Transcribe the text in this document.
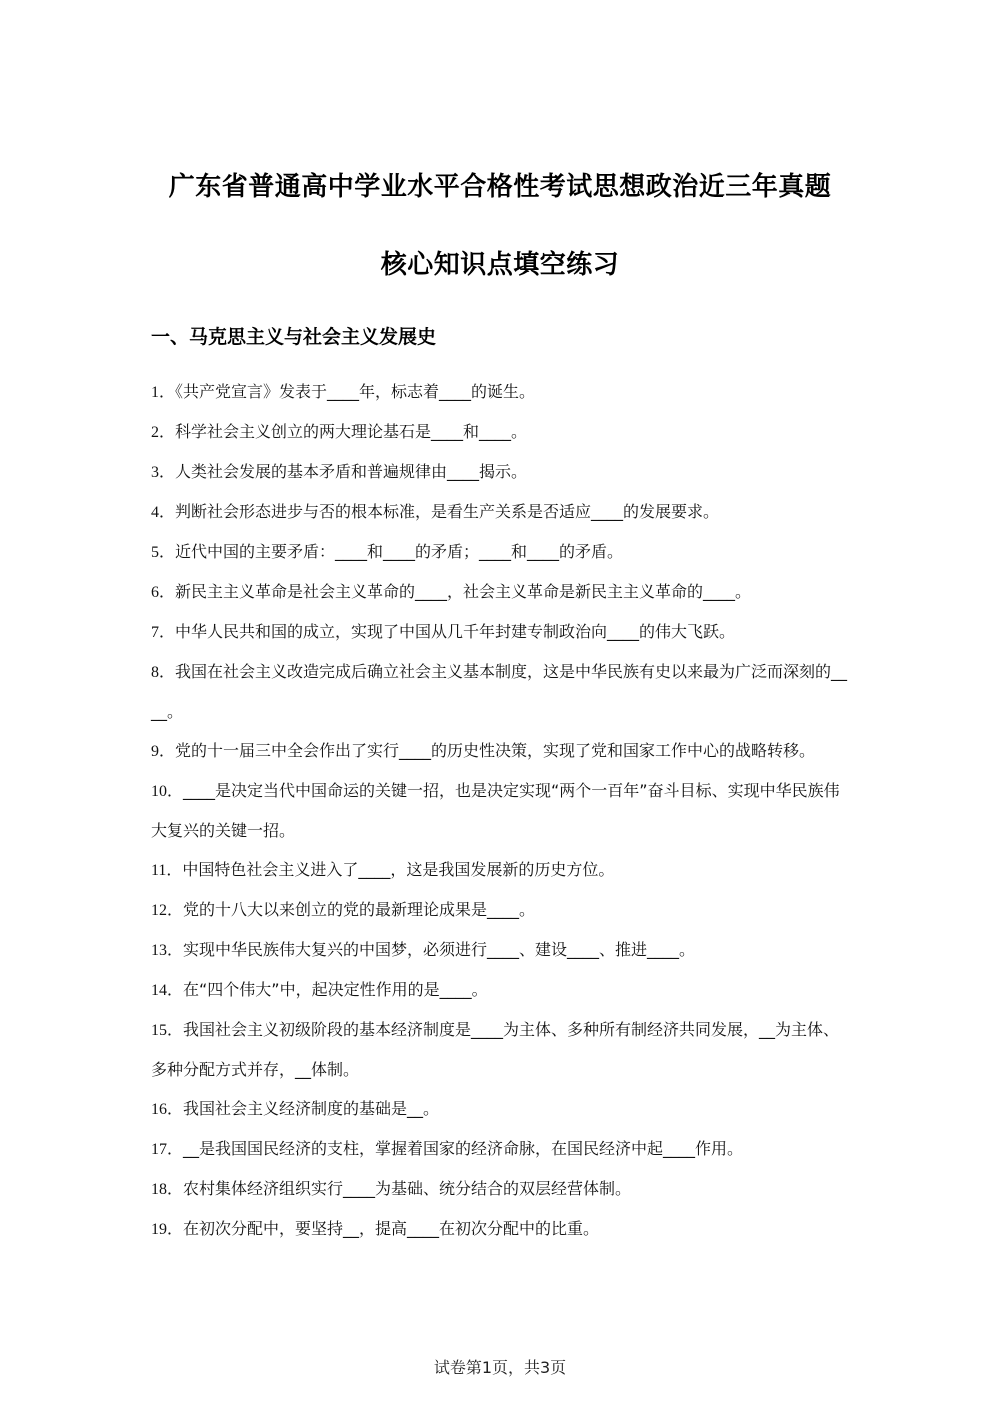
广东省普通高中学业水平合格性考试思想政治近三年真题
核心知识点填空练习
一、马克思主义与社会主义发展史
1．《共产党宣言》发表于____年，标志着____的诞生。
2．科学社会主义创立的两大理论基石是____和____。
3．人类社会发展的基本矛盾和普遍规律由____揭示。
4．判断社会形态进步与否的根本标准，是看生产关系是否适应____的发展要求。
5．近代中国的主要矛盾：____和____的矛盾；____和____的矛盾。
6．新民主主义革命是社会主义革命的____，社会主义革命是新民主主义革命的____。
7．中华人民共和国的成立，实现了中国从几千年封建专制政治向____的伟大飞跃。
8．我国在社会主义改造完成后确立社会主义基本制度，这是中华民族有史以来最为广泛而深刻的____。
9．党的十一届三中全会作出了实行____的历史性决策，实现了党和国家工作中心的战略转移。
10．____是决定当代中国命运的关键一招，也是决定实现“两个一百年”奋斗目标、实现中华民族伟大复兴的关键一招。
11．中国特色社会主义进入了____，这是我国发展新的历史方位。
12．党的十八大以来创立的党的最新理论成果是____。
13．实现中华民族伟大复兴的中国梦，必须进行____、建设____、推进____。
14．在“四个伟大”中，起决定性作用的是____。
15．我国社会主义初级阶段的基本经济制度是____为主体、多种所有制经济共同发展，__为主体、多种分配方式并存，__体制。
16．我国社会主义经济制度的基础是__。
17．__是我国国民经济的支柱，掌握着国家的经济命脉，在国民经济中起____作用。
18．农村集体经济组织实行____为基础、统分结合的双层经营体制。
19．在初次分配中，要坚持__，提高____在初次分配中的比重。
试卷第1页，共3页
